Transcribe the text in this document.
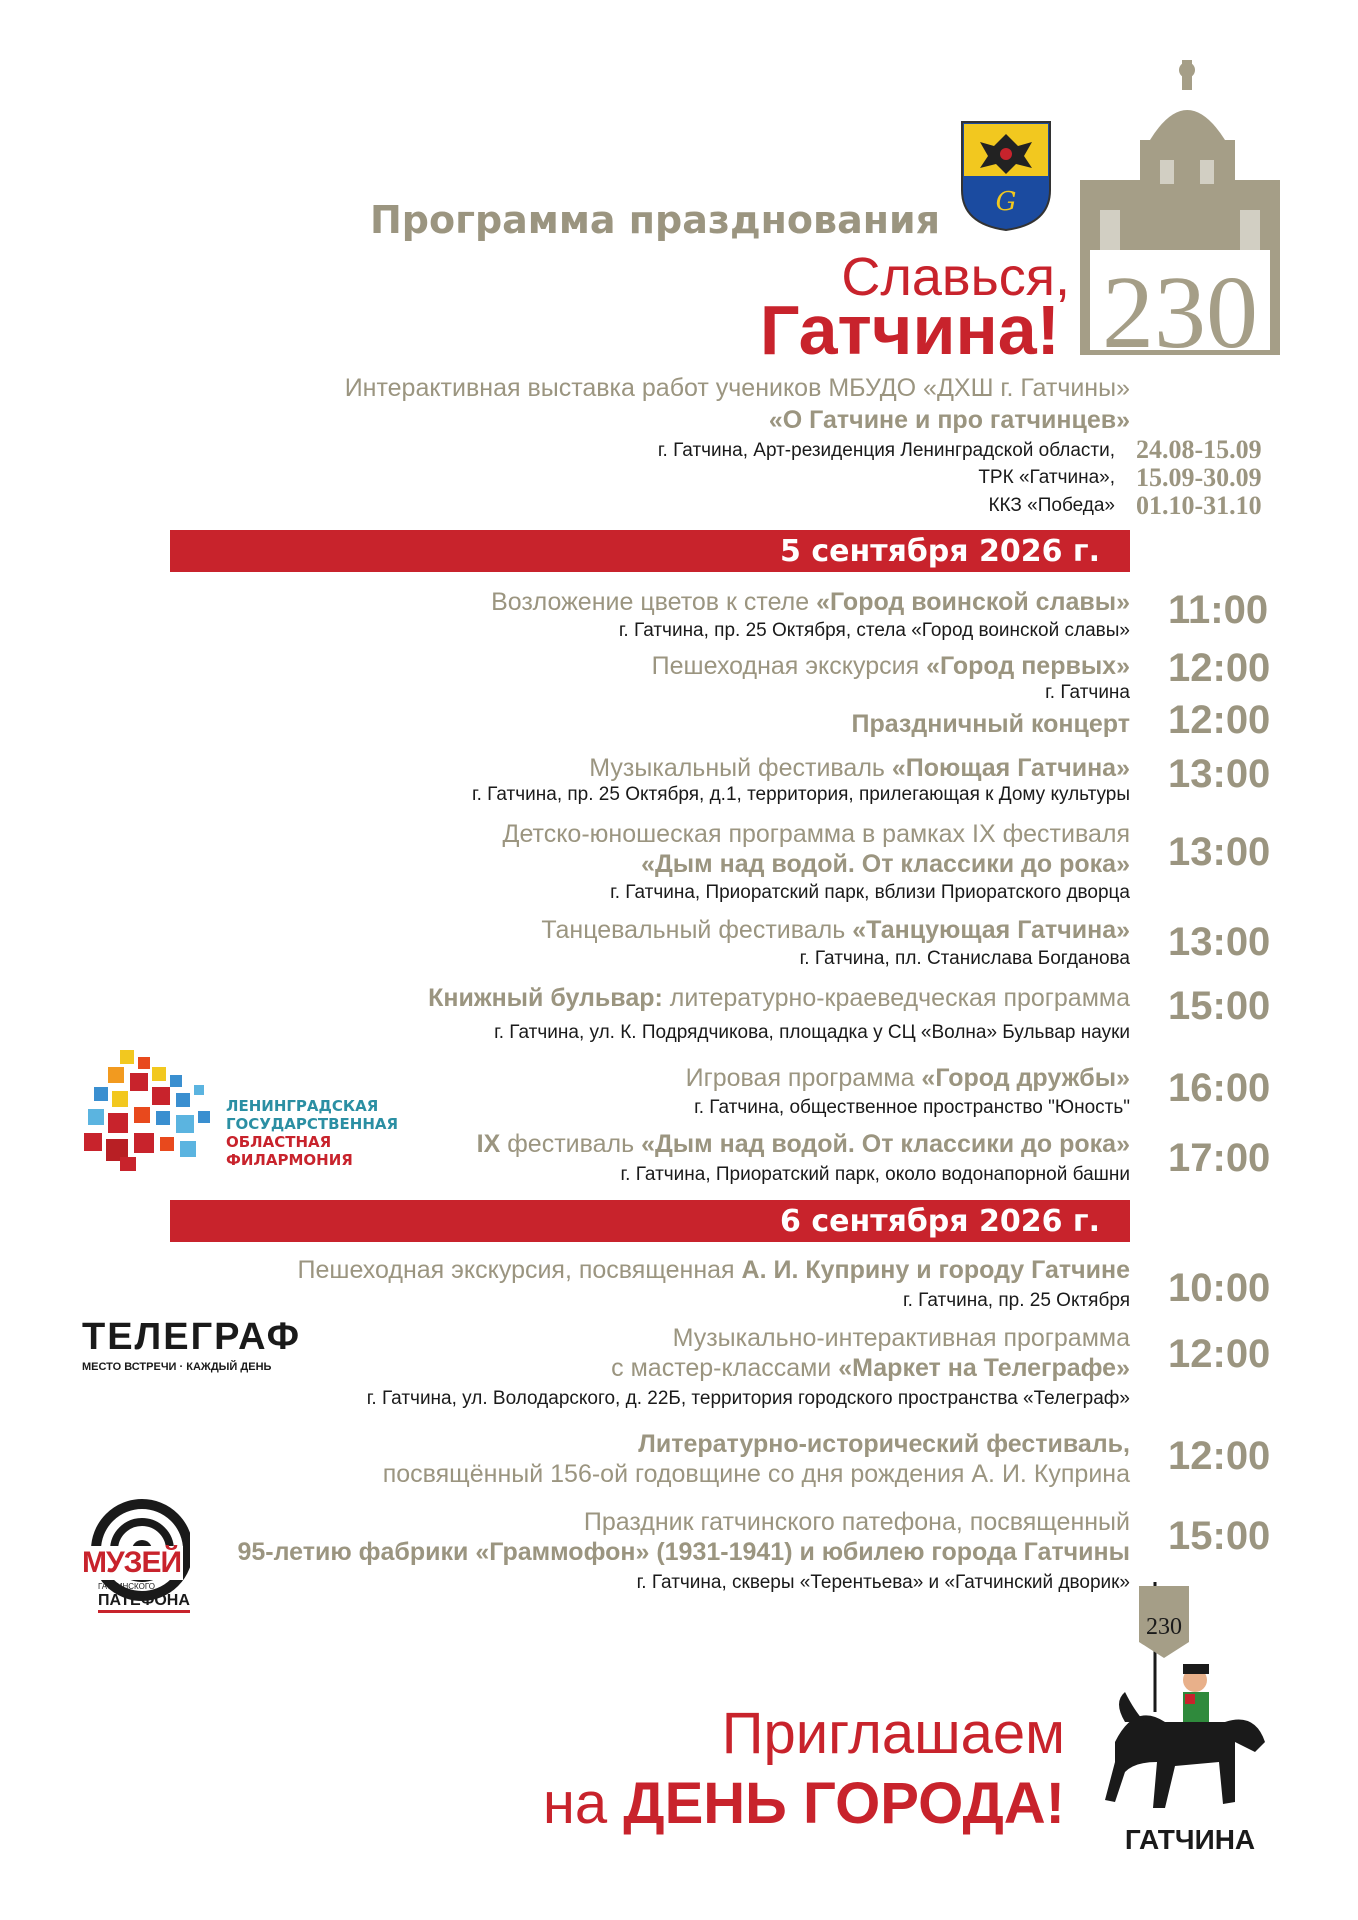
G
230
Программа празднования
Славься,
Гатчина!
Интерактивная выставка работ учеников МБУДО «ДХШ г. Гатчины»
«О Гатчине и про гатчинцев»
г. Гатчина, Арт-резиденция Ленинградской области,
ТРК «Гатчина»,
ККЗ «Победа»
24.08-15.09
15.09-30.09
01.10-31.10
5 сентября 2026 г.
Возложение цветов к стеле «Город воинской славы»
г. Гатчина, пр. 25 Октября, стела «Город воинской славы» 11:00
Пешеходная экскурсия «Город первых»
г. Гатчина
12:00
Праздничный концерт 12:00
Музыкальный фестиваль «Поющая Гатчина»
г. Гатчина, пр. 25 Октября, д.1, территория, прилегающая к Дому культуры 13:00
Детско-юношеская программа в рамках IX фестиваля
«Дым над водой. От классики до рока»
г. Гатчина, Приоратский парк, вблизи Приоратского дворца
13:00
Танцевальный фестиваль «Танцующая Гатчина»
г. Гатчина, пл. Станислава Богданова 13:00
Книжный бульвар: литературно-краеведческая программа
г. Гатчина, ул. К. Подрядчикова, площадка у СЦ «Волна» Бульвар науки
15:00
Игровая программа «Город дружбы»
г. Гатчина, общественное пространство "Юность" 16:00
IX фестиваль «Дым над водой. От классики до рока»
г. Гатчина, Приоратский парк, около водонапорной башни 17:00
ЛЕНИНГРАДСКАЯ
ГОСУДАРСТВЕННАЯ
ОБЛАСТНАЯ
ФИЛАРМОНИЯ
6 сентября 2026 г.
Пешеходная экскурсия, посвященная А. И. Куприну и городу Гатчине
г. Гатчина, пр. 25 Октября 10:00
Музыкально-интерактивная программа
с мастер-классами «Маркет на Телеграфе»
г. Гатчина, ул. Володарского, д. 22Б, территория городского пространства «Телеграф»
12:00
Литературно-исторический фестиваль,
посвящённый 156-ой годовщине со дня рождения А. И. Куприна 12:00
Праздник гатчинского патефона, посвященный
95-летию фабрики «Граммофон» (1931-1941) и юбилею города Гатчины
г. Гатчина, скверы «Терентьева» и «Гатчинский дворик»
15:00
ТЕЛЕГРАФ
МЕСТО ВСТРЕЧИ · КАЖДЫЙ ДЕНЬ
МУЗЕЙ
ГАТЧИНСКОГО
ПАТЕФОНА
230
ГАТЧИНА
Приглашаем
на ДЕНЬ ГОРОДА!
